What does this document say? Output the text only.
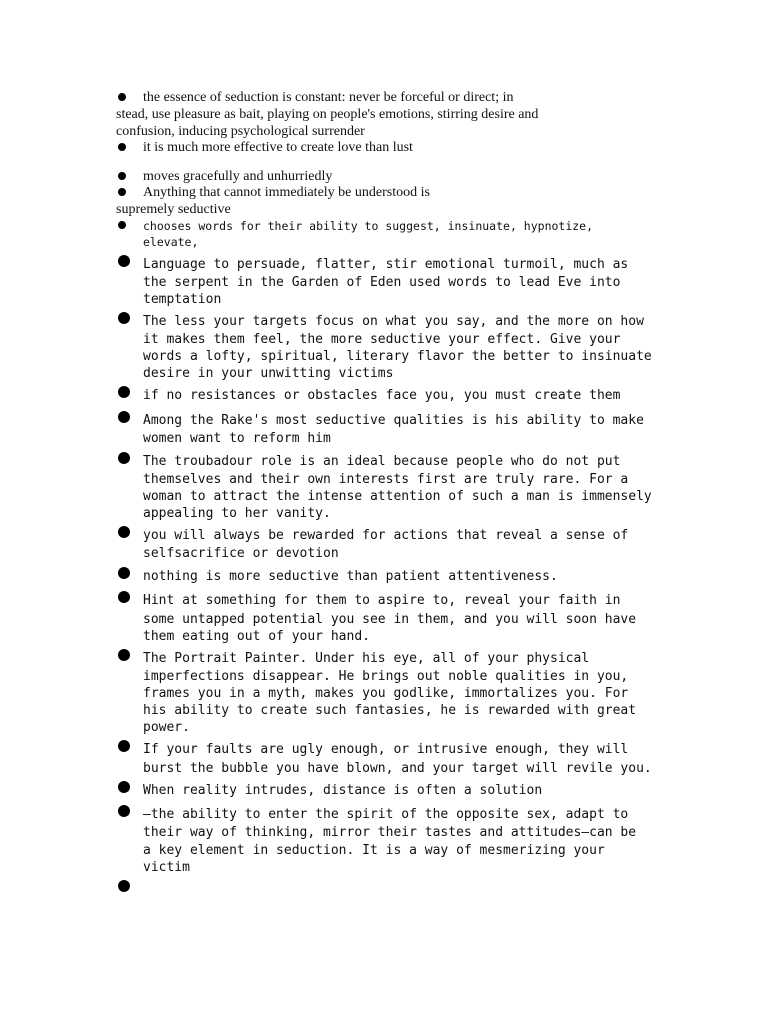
the essence of seduction is constant: never be forceful or direct; in
stead, use pleasure as bait, playing on people's emotions, stirring desire and
confusion, inducing psychological surrender
it is much more effective to create love than lust
moves gracefully and unhurriedly
Anything that cannot immediately be understood is
supremely seductive
chooses words for their ability to suggest, insinuate, hypnotize,
elevate,
Language to persuade, flatter, stir emotional turmoil, much as
the serpent in the Garden of Eden used words to lead Eve into
temptation
The less your targets focus on what you say, and the more on how
it makes them feel, the more seductive your effect. Give your
words a lofty, spiritual, literary flavor the better to insinuate
desire in your unwitting victims
if no resistances or obstacles face you, you must create them
Among the Rake's most seductive qualities is his ability to make
women want to reform him
The troubadour role is an ideal because people who do not put
themselves and their own interests first are truly rare. For a
woman to attract the intense attention of such a man is immensely
appealing to her vanity.
you will always be rewarded for actions that reveal a sense of
selfsacrifice or devotion
nothing is more seductive than patient attentiveness.
Hint at something for them to aspire to, reveal your faith in
some untapped potential you see in them, and you will soon have
them eating out of your hand.
The Portrait Painter. Under his eye, all of your physical
imperfections disappear. He brings out noble qualities in you,
frames you in a myth, makes you godlike, immortalizes you. For
his ability to create such fantasies, he is rewarded with great
power.
If your faults are ugly enough, or intrusive enough, they will
burst the bubble you have blown, and your target will revile you.
When reality intrudes, distance is often a solution
—the ability to enter the spirit of the opposite sex, adapt to
their way of thinking, mirror their tastes and attitudes—can be
a key element in seduction. It is a way of mesmerizing your
victim
